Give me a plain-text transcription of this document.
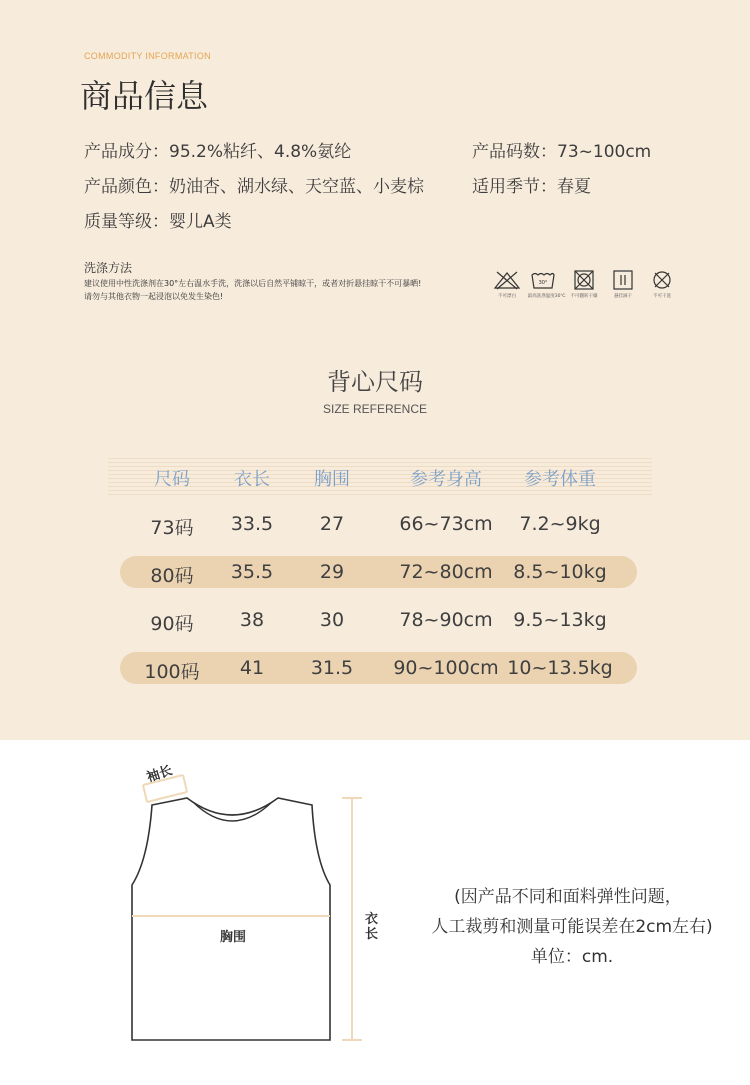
COMMODITY INFORMATION
商品信息
产品成分：95.2%粘纤、4.8%氨纶	产品码数：73~100cm
产品颜色：奶油杏、湖水绿、天空蓝、小麦棕	适用季节：春夏
质量等级：婴儿A类
洗涤方法
建议使用中性洗涤剂在30°左右温水手洗，洗涤以后自然平铺晾干，或者对折悬挂晾干不可暴晒!
请勿与其他衣物一起浸泡以免发生染色!	不可漂白
30°
最高洗涤温度30℃	不可翻转干燥	悬挂滴干	不可干洗
背心尺码
SIZE REFERENCE
尺码 衣长 胸围	参考身高 参考体重
73码 33.5 27	66~73cm 7.2~9kg
80码 35.5 29	72~80cm 8.5~10kg
90码 38	30	78~90cm 9.5~13kg
100码 41 31.5 90~100cm 10~13.5kg
袖长
胸围
衣
长
(因产品不同和面料弹性问题，
人工裁剪和测量可能误差在2cm左右)
单位：cm.
